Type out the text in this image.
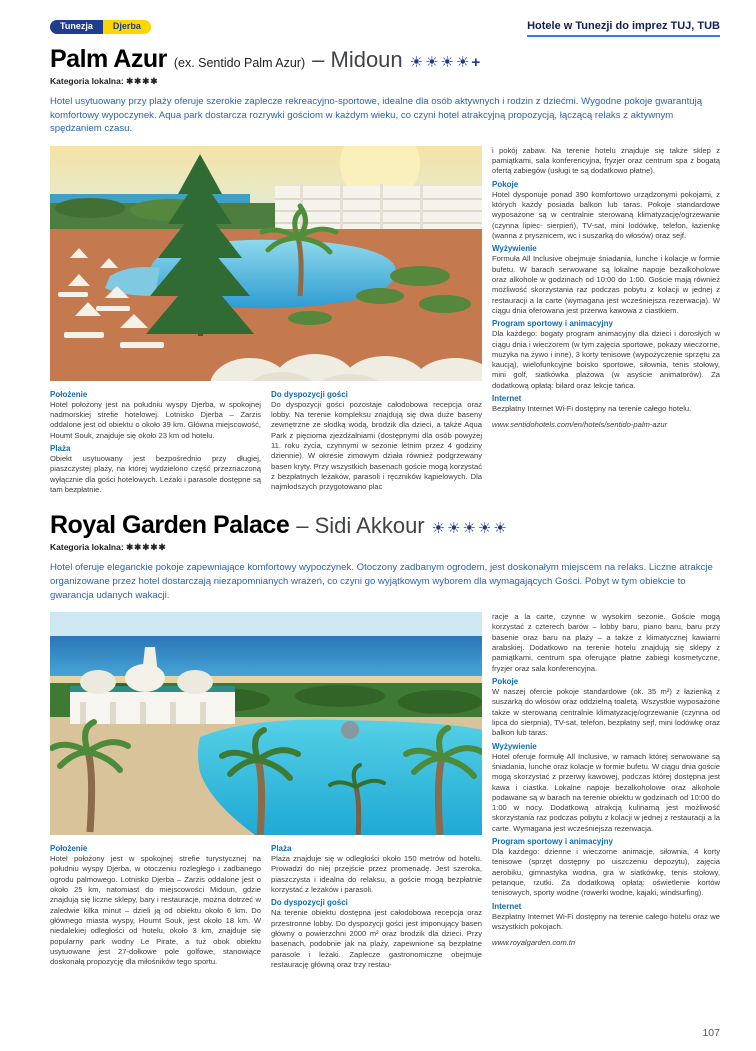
Tunezja	Djerba	Hotele w Tunezji do imprez TUJ, TUB
Palm Azur (ex. Sentido Palm Azur) – Midoun ☀☀☀☀+
Kategoria lokalna: ✱✱✱✱

Hotel usytuowany przy plaży oferuje szerokie zaplecze rekreacyjno-sportowe, idealne dla osób aktywnych i rodzin z dziećmi. Wygodne pokoje gwarantują komfortowy wypoczynek. Aqua park dostarcza rozrywki gościom w każdym wieku, co czyni hotel atrakcyjną propozycją, łączącą relaks z aktywnym spędzaniem czasu.

Położenie

Hotel położony jest na południu wyspy Djerba, w spokojnej nadmorskiej strefie hotelowej. Lotnisko Djerba – Zarzis oddalone jest od obiektu o około 39 km. Główna miejscowość, Houmt Souk, znajduje się około 23 km od hotelu.

Plaża

Obiekt usytuowany jest bezpośrednio przy długiej, piaszczystej plaży, na której wydzielono część przeznaczoną wyłącznie dla gości hotelowych. Leżaki i parasole dostępne są tam bezpłatnie.

Do dyspozycji gości

Do dyspozycji gości pozostaje całodobowa recepcja oraz lobby. Na terenie kompleksu znajdują się dwa duże baseny zewnętrzne ze słodką wodą, brodzik dla dzieci, a także Aqua Park z pięcioma zjeżdżalniami (dostępnymi dla osób powyżej 11. roku życia, czynnymi w sezonie letnim przez 4 godziny dziennie). W okresie zimowym działa również podgrzewany basen kryty. Przy wszystkich basenach goście mogą korzystać z bezpłatnych leżaków, parasoli i ręczników kąpielowych. Dla najmłodszych przygotowano plac

i pokój zabaw. Na terenie hotelu znajduje się także sklep z pamiątkami, sala konferencyjna, fryzjer oraz centrum spa z bogatą ofertą zabiegów (usługi te są dodatkowo płatne).

Pokoje

Hotel dysponuje ponad 390 komfortowo urządzonymi pokojami, z których każdy posiada balkon lub taras. Pokoje standardowe wyposażone są w centralnie sterowaną klimatyzację/ogrzewanie (czynna lipiec- sierpień), TV-sat, mini lodówkę, telefon, łazienkę (wanna z prysznicem, wc i suszarką do włosów) oraz sejf.

Wyżywienie

Formuła All Inclusive obejmuje śniadania, lunche i kolacje w formie bufetu. W barach serwowane są lokalne napoje bezalkoholowe oraz alkohole w godzinach od 10:00 do 1:00. Goście mają również możliwość skorzystania raz podczas pobytu z kolacji w jednej z restauracji a la carte (wymagana jest wcześniejsza rezerwacja). W ciągu dnia oferowana jest przerwa kawowa z ciastkiem.

Program sportowy i animacyjny

Dla każdego: bogaty program animacyjny dla dzieci i dorosłych w ciągu dnia i wieczorem (w tym zajęcia sportowe, pokazy wieczorne, muzyka na żywo i inne), 3 korty tenisowe (wypożyczenie sprzętu za kaucją), wielofunkcyjne boisko sportowe, siłownia, tenis stołowy, mini golf, siatkówka plażowa (w asyście animatorów). Za dodatkową opłatą: bilard oraz lekcje tańca.

Internet

Bezpłatny Internet Wi-Fi dostępny na terenie całego hotelu.

www.sentidohotels.com/en/hotels/sentido-palm-azur
Royal Garden Palace – Sidi Akkour ☀☀☀☀☀
Kategoria lokalna: ✱✱✱✱✱

Hotel oferuje eleganckie pokoje zapewniające komfortowy wypoczynek. Otoczony zadbanym ogrodem, jest doskonałym miejscem na relaks. Liczne atrakcje organizowane przez hotel dostarczają niezapomnianych wrażeń, co czyni go wyjątkowym wyborem dla wymagających Gości. Pobyt w tym obiekcie to gwarancja udanych wakacji.

Położenie

Hotel położony jest w spokojnej strefie turystycznej na południu wyspy Djerba, w otoczeniu rozległego i zadbanego ogrodu palmowego. Lotnisko Djerba – Zarzis oddalone jest o około 25 km, natomiast do miejscowości Midoun, gdzie znajdują się liczne sklepy, bary i restauracje, można dotrzeć w zaledwie kilka minut – dzieli ją od obiektu około 6 km. Do głównego miasta wyspy, Houmt Souk, jest około 18 km. W niedalekiej odległości od hotelu, około 3 km, znajduje się popularny park wodny Le Pirate, a tuż obok obiektu usytuowane jest 27-dołkowe pole golfowe, stanowiące doskonałą propozycję dla miłośników tego sportu.

Plaża

Plaża znajduje się w odległości około 150 metrów od hotelu. Prowadzi do niej przejście przez promenadę. Jest szeroka, piaszczysta i idealna do relaksu, a goście mogą bezpłatnie korzystać z leżaków i parasoli.

Do dyspozycji gości

Na terenie obiektu dostępna jest całodobowa recepcja oraz przestronne lobby. Do dyspozycji gości jest imponujący basen główny o powierzchni 2000 m² oraz brodzik dla dzieci. Przy basenach, podobnie jak na plaży, zapewnione są bezpłatne parasole i leżaki. Zaplecze gastronomiczne obejmuje restaurację główną oraz trzy restau-

racje a la carte, czynne w wysokim sezonie. Goście mogą korzystać z czterech barów – lobby baru, piano baru, baru przy basenie oraz baru na plaży – a także z klimatycznej kawiarni arabskiej. Dodatkowo na terenie hotelu znajdują się sklepy z pamiątkami, centrum spa oferujące płatne zabiegi kosmetyczne, fryzjer oraz sala konferencyjna.

Pokoje

W naszej ofercie pokoje standardowe (ok. 35 m²) z łazienką z suszarką do włosów oraz oddzielną toaletą. Wszystkie wyposażone także w sterowaną centralnie klimatyzację/ogrzewanie (czynna od lipca do sierpnia), TV-sat, telefon, bezpłatny sejf, mini lodówkę oraz balkon lub taras.

Wyżywienie

Hotel oferuje formułę All Inclusive, w ramach której serwowane są śniadania, lunche oraz kolacje w formie bufetu. W ciągu dnia goście mogą skorzystać z przerwy kawowej, podczas której dostępna jest kawa i ciastka. Lokalne napoje bezalkoholowe oraz alkohole podawane są w barach na terenie obiektu w godzinach od 10:00 do 1:00 w nocy. Dodatkową atrakcją kulinarną jest możliwość skorzystania raz podczas pobytu z kolacji w jednej z restauracji a la carte. Wymagana jest wcześniejsza rezerwacja.

Program sportowy i animacyjny

Dla każdego: dzienne i wieczorne animacje, siłownia, 4 korty tenisowe (sprzęt dostępny po uiszczeniu depozytu), zajęcia aerobiku, gimnastyka wodna, gra w siatkówkę, tenis stołowy, petanque, rzutki. Za dodatkową opłatą: oświetlenie kortów tenisowych, sporty wodne (rowerki wodne, kajaki, windsurfing).

Internet

Bezpłatny Internet Wi-Fi dostępny na terenie całego hotelu oraz we wszystkich pokojach.

www.royalgarden.com.tn
107
